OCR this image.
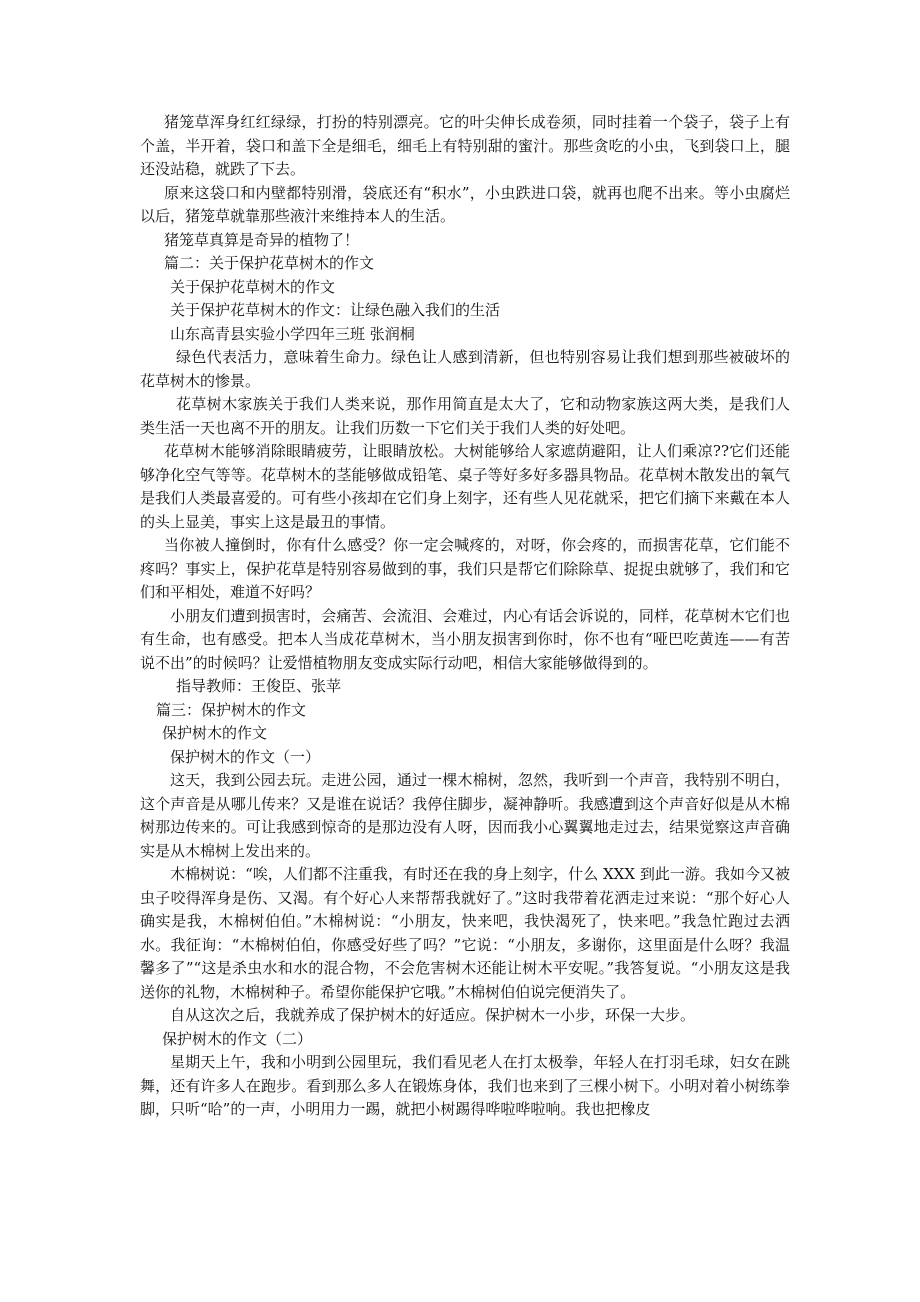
猪笼草浑身红红绿绿，打扮的特别漂亮。它的叶尖伸长成卷须，同时挂着一个袋子，袋子上有个盖，半开着，袋口和盖下全是细毛，细毛上有特别甜的蜜汁。那些贪吃的小虫，飞到袋口上，腿还没站稳，就跌了下去。

原来这袋口和内壁都特别滑，袋底还有“积水”，小虫跌进口袋，就再也爬不出来。等小虫腐烂以后，猪笼草就靠那些液汁来维持本人的生活。

猪笼草真算是奇异的植物了！

篇二：关于保护花草树木的作文

关于保护花草树木的作文

关于保护花草树木的作文：让绿色融入我们的生活

山东高青县实验小学四年三班 张润桐

绿色代表活力，意味着生命力。绿色让人感到清新，但也特别容易让我们想到那些被破坏的花草树木的惨景。

花草树木家族关于我们人类来说，那作用简直是太大了，它和动物家族这两大类，是我们人类生活一天也离不开的朋友。让我们历数一下它们关于我们人类的好处吧。

花草树木能够消除眼睛疲劳，让眼睛放松。大树能够给人家遮荫避阳，让人们乘凉??它们还能够净化空气等等。花草树木的茎能够做成铅笔、桌子等好多好多器具物品。花草树木散发出的氧气是我们人类最喜爱的。可有些小孩却在它们身上刻字，还有些人见花就采，把它们摘下来戴在本人的头上显美，事实上这是最丑的事情。

当你被人撞倒时，你有什么感受？你一定会喊疼的，对呀，你会疼的，而损害花草，它们能不疼吗？事实上，保护花草是特别容易做到的事，我们只是帮它们除除草、捉捉虫就够了，我们和它们和平相处，难道不好吗？

小朋友们遭到损害时，会痛苦、会流泪、会难过，内心有话会诉说的，同样，花草树木它们也有生命，也有感受。把本人当成花草树木，当小朋友损害到你时，你不也有“哑巴吃黄连——有苦说不出”的时候吗？让爱惜植物朋友变成实际行动吧，相信大家能够做得到的。

指导教师：王俊臣、张苹

篇三：保护树木的作文

保护树木的作文

保护树木的作文（一）

这天，我到公园去玩。走进公园，通过一棵木棉树，忽然，我听到一个声音，我特别不明白，这个声音是从哪儿传来？又是谁在说话？我停住脚步，凝神静听。我感遭到这个声音好似是从木棉树那边传来的。可让我感到惊奇的是那边没有人呀，因而我小心翼翼地走过去，结果觉察这声音确实是从木棉树上发出来的。

木棉树说：“唉，人们都不注重我，有时还在我的身上刻字，什么 XXX 到此一游。我如今又被虫子咬得浑身是伤、又渴。有个好心人来帮帮我就好了。”这时我带着花洒走过来说：“那个好心人确实是我，木棉树伯伯。”木棉树说：“小朋友，快来吧，我快渴死了，快来吧。”我急忙跑过去洒水。我征询：“木棉树伯伯，你感受好些了吗？”它说：“小朋友，多谢你，这里面是什么呀？我温馨多了”“这是杀虫水和水的混合物，不会危害树木还能让树木平安呢。”我答复说。“小朋友这是我送你的礼物，木棉树种子。希望你能保护它哦。”木棉树伯伯说完便消失了。

自从这次之后，我就养成了保护树木的好适应。保护树木一小步，环保一大步。

保护树木的作文（二）

星期天上午，我和小明到公园里玩，我们看见老人在打太极拳，年轻人在打羽毛球，妇女在跳舞，还有许多人在跑步。看到那么多人在锻炼身体，我们也来到了三棵小树下。小明对着小树练拳脚，只听“哈”的一声，小明用力一踢，就把小树踢得哗啦哗啦响。我也把橡皮
